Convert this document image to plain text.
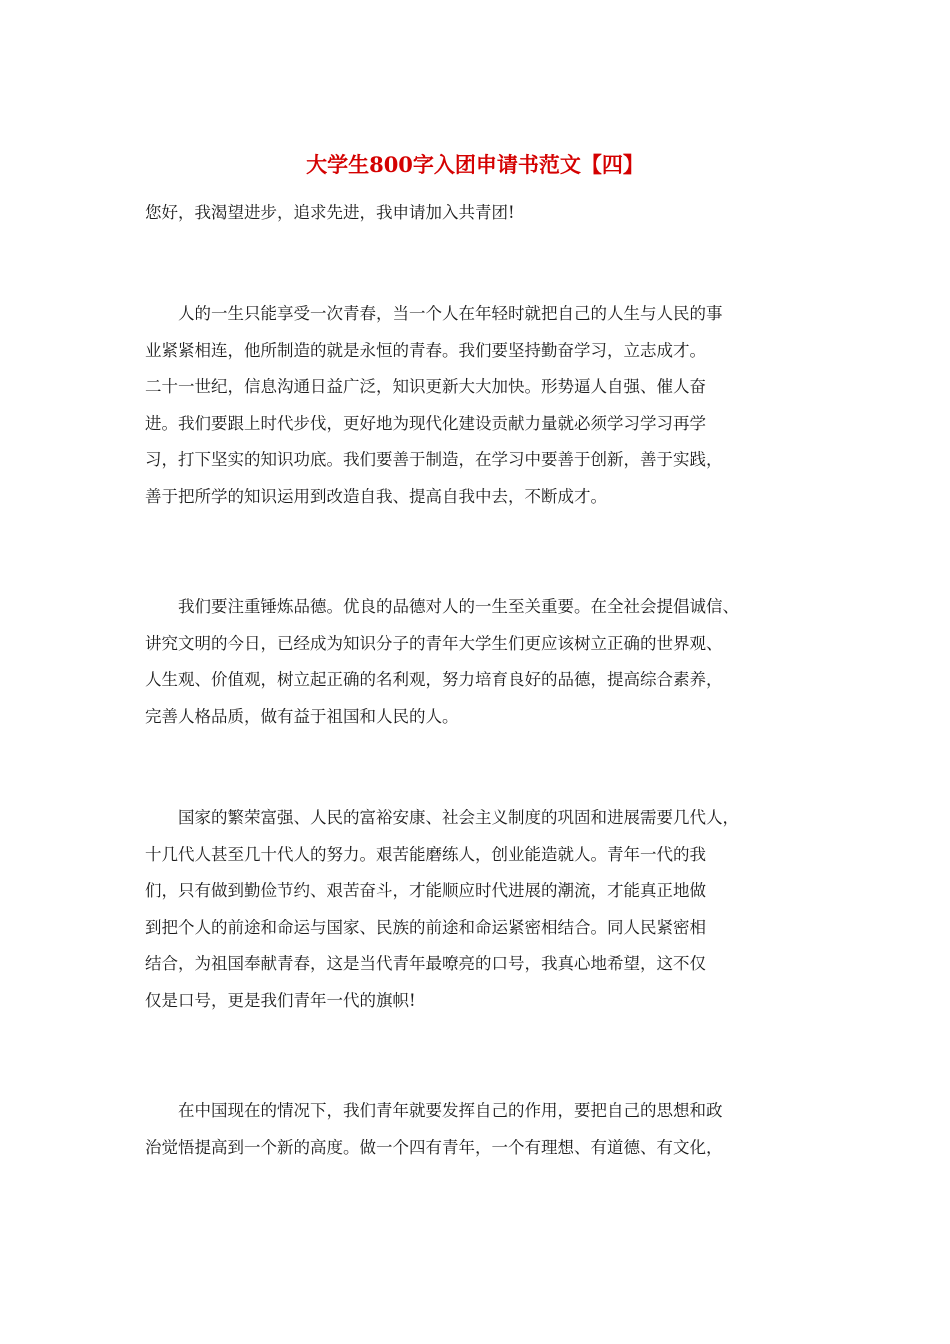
大学生800字入团申请书范文【四】

您好，我渴望进步，追求先进，我申请加入共青团!

　　人的一生只能享受一次青春，当一个人在年轻时就把自己的人生与人民的事
业紧紧相连，他所制造的就是永恒的青春。我们要坚持勤奋学习，立志成才。
二十一世纪，信息沟通日益广泛，知识更新大大加快。形势逼人自强、催人奋
进。我们要跟上时代步伐，更好地为现代化建设贡献力量就必须学习学习再学
习，打下坚实的知识功底。我们要善于制造，在学习中要善于创新，善于实践，
善于把所学的知识运用到改造自我、提高自我中去，不断成才。
　　我们要注重锤炼品德。优良的品德对人的一生至关重要。在全社会提倡诚信、
讲究文明的今日，已经成为知识分子的青年大学生们更应该树立正确的世界观、
人生观、价值观，树立起正确的名利观，努力培育良好的品德，提高综合素养，
完善人格品质，做有益于祖国和人民的人。
　　国家的繁荣富强、人民的富裕安康、社会主义制度的巩固和进展需要几代人，
十几代人甚至几十代人的努力。艰苦能磨练人，创业能造就人。青年一代的我
们，只有做到勤俭节约、艰苦奋斗，才能顺应时代进展的潮流，才能真正地做
到把个人的前途和命运与国家、民族的前途和命运紧密相结合。同人民紧密相
结合，为祖国奉献青春，这是当代青年最嘹亮的口号，我真心地希望，这不仅
仅是口号，更是我们青年一代的旗帜!
　　在中国现在的情况下，我们青年就要发挥自己的作用，要把自己的思想和政
治觉悟提高到一个新的高度。做一个四有青年，一个有理想、有道德、有文化，
